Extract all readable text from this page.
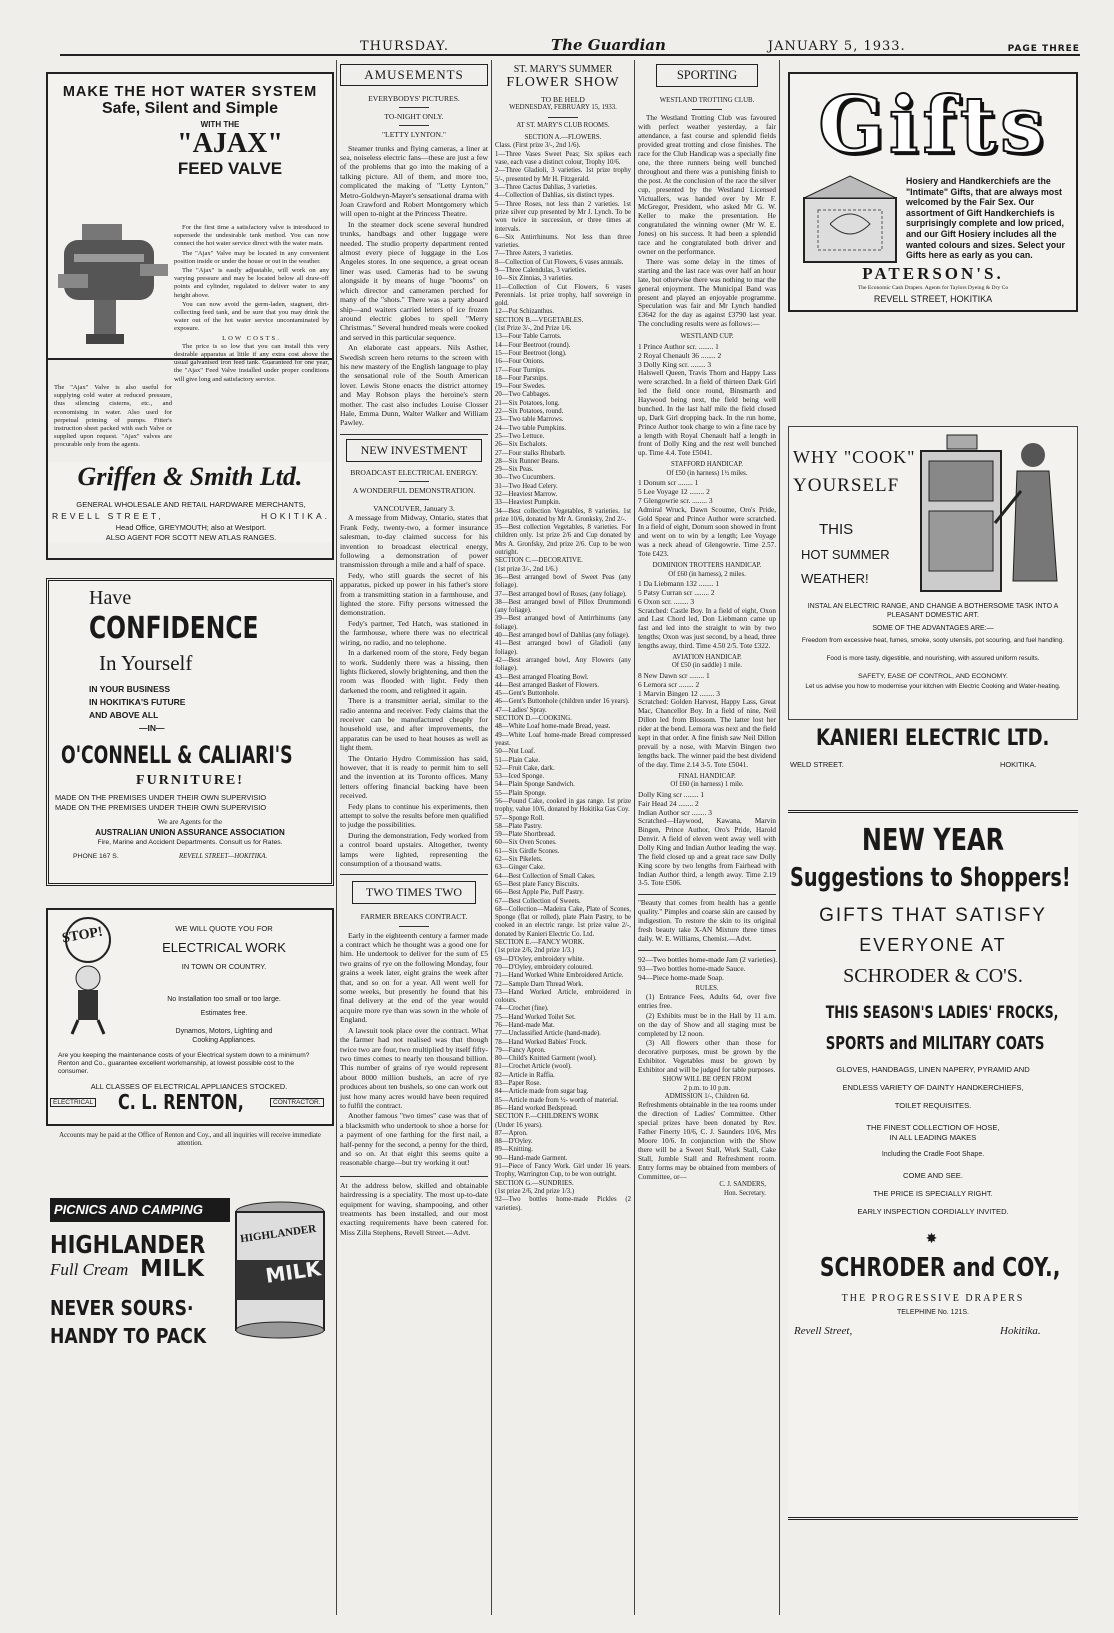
THURSDAY.	The Guardian	JANUARY 5, 1933.	PAGE THREE
MAKE THE HOT WATER SYSTEM
Safe, Silent and Simple
WITH THE
"AJAX"
FEED VALVE

For the first time a satisfactory valve is introduced to supersede the undesirable tank method. You can now connect the hot water service direct with the water main.

The "Ajax" Valve may be located in any convenient position inside or under the house or out in the weather.

The "Ajax" is easily adjustable, will work on any varying pressure and may be located below all draw-off points and cylinder, regulated to deliver water to any height above.

You can now avoid the germ-laden, stagnant, dirt-collecting feed tank, and be sure that you may drink the water out of the hot water service uncontaminated by exposure.

LOW COSTS.

The price is so low that you can install this very desirable apparatus at little if any extra cost above the usual galvanised iron feed tank. Guaranteed for one year, the "Ajax" Feed Valve installed under proper conditions will give long and satisfactory service.

The "Ajax" Valve is also useful for supplying cold water at reduced pressure, thus silencing cisterns, etc., and economising in water. Also used for perpetual priming of pumps. Fitter's instruction sheet packed with each Valve or supplied upon request. "Ajax" valves are procurable only from the agents.
Griffen & Smith Ltd.
GENERAL WHOLESALE AND RETAIL HARDWARE MERCHANTS,
REVELL STREET,	HOKITIKA.
Head Office, GREYMOUTH; also at Westport.
ALSO AGENT FOR SCOTT NEW ATLAS RANGES.
Have
CONFIDENCE
In Yourself
IN YOUR BUSINESS
IN HOKITIKA'S FUTURE
AND ABOVE ALL
—IN—
O'CONNELL & CALIARI'S
FURNITURE!
MADE ON THE PREMISES UNDER THEIR OWN SUPERVISIO
MADE ON THE PREMISES UNDER THEIR OWN SUPERVISIO
We are Agents for the
AUSTRALIAN UNION ASSURANCE ASSOCIATION
Fire, Marine and Accident Departments. Consult us for Rates.
PHONE 167 S.	REVELL STREET—HOKITIKA.
STOP!	WE WILL QUOTE YOU FOR
ELECTRICAL WORK
IN TOWN OR COUNTRY.
No Installation too small or too large.
Estimates free.
Dynamos, Motors, Lighting and
Cooking Appliances.
Are you keeping the maintenance costs of your Electrical system down to a minimum? Renton and Co., guarantee excellent workmanship, at lowest possible cost to the consumer.
ALL CLASSES OF ELECTRICAL APPLIANCES STOCKED.
ELECTRICAL C. L. RENTON,	CONTRACTOR.
Accounts may be paid at the Office of Renton and Coy., and all inquiries will receive immediate attention.
PICNICS AND CAMPING
HIGHLANDER
Full Cream MILK
NEVER SOURS·
HANDY TO PACK
HIGHLANDER
MILK
AMUSEMENTS
EVERYBODYS' PICTURES.
TO-NIGHT ONLY.
"LETTY LYNTON."

Steamer trunks and flying cameras, a liner at sea, noiseless electric fans—these are just a few of the problems that go into the making of a talking picture. All of them, and more too, complicated the making of "Letty Lynton," Metro-Goldwyn-Mayer's sensational drama with Joan Crawford and Robert Montgomery which will open to-night at the Princess Theatre.

In the steamer dock scene several hundred trunks, handbags and other luggage were needed. The studio property department rented almost every piece of luggage in the Los Angeles stores. In one sequence, a great ocean liner was used. Cameras had to be swung alongside it by means of huge "booms" on which director and cameramen perched for many of the "shots." There was a party aboard ship—and waiters carried letters of ice frozen around electric globes to spell "Merry Christmas." Several hundred meals were cooked and served in this particular sequence.

An elaborate cast appears. Nils Asther, Swedish screen hero returns to the screen with his new mastery of the English language to play the sensational role of the South American lover. Lewis Stone enacts the district attorney and May Robson plays the heroine's stern mother. The cast also includes Louise Closser Hale, Emma Dunn, Walter Walker and William Pawley.

NEW INVESTMENT
BROADCAST ELECTRICAL ENERGY.
A WONDERFUL DEMONSTRATION.
VANCOUVER, January 3.

A message from Midway, Ontario, states that Frank Fedy, twenty-two, a former insurance salesman, to-day claimed success for his invention to broadcast electrical energy, following a demonstration of power transmission through a mile and a half of space.

Fedy, who still guards the secret of his apparatus, picked up power in his father's store from a transmitting station in a farmhouse, and lighted the store. Fifty persons witnessed the demonstration.

Fedy's partner, Ted Hatch, was stationed in the farmhouse, where there was no electrical wiring, no radio, and no telephone.

In a darkened room of the store, Fedy began to work. Suddenly there was a hissing, then lights flickered, slowly brightening, and then the room was flooded with light. Fedy then darkened the room, and relighted it again.

There is a transmitter aerial, similar to the radio antenna and receiver. Fedy claims that the receiver can be manufactured cheaply for household use, and after improvements, the apparatus can be used to heat houses as well as light them.

The Ontario Hydro Commission has said, however, that it is ready to permit him to sell and the invention at its Toronto offices. Many letters offering financial backing have been received.

Fedy plans to continue his experiments, then attempt to solve the results before men qualified to judge the possibilities.

During the demonstration, Fedy worked from a control board upstairs. Altogether, twenty lamps were lighted, representing the consumption of a thousand watts.

TWO TIMES TWO
FARMER BREAKS CONTRACT.

Early in the eighteenth century a farmer made a contract which he thought was a good one for him. He undertook to deliver for the sum of £5 two grains of rye on the following Monday, four grains a week later, eight grains the week after that, and so on for a year. All went well for some weeks, but presently he found that his final delivery at the end of the year would acquire more rye than was sown in the whole of England.

A lawsuit took place over the contract. What the farmer had not realised was that though twice two are four, two multiplied by itself fifty-two times comes to nearly ten thousand billion. This number of grains of rye would represent about 8000 million bushels, an acre of rye produces about ten bushels, so one can work out just how many acres would have been required to fulfil the contract.

Another famous "two times" case was that of a blacksmith who undertook to shoe a horse for a payment of one farthing for the first nail, a half-penny for the second, a penny for the third, and so on. At that eight this seems quite a reasonable charge—but try working it out!

At the address below, skilled and obtainable hairdressing is a speciality. The most up-to-date equipment for waving, shampooing, and other treatments has been installed, and our most exacting requirements have been catered for. Miss Zilla Stephens, Revell Street.—Advt.
ST. MARY'S SUMMER
FLOWER SHOW
TO BE HELD
WEDNESDAY, FEBRUARY 15, 1933.
AT ST. MARY'S CLUB ROOMS.
SECTION A.—FLOWERS.
Class. (First prize 3/-, 2nd 1/6).
1—Three Vases Sweet Peas; Six spikes each vase, each vase a distinct colour, Trophy 10/6.
2—Three Gladioli, 3 varieties. 1st prize trophy 5/-, presented by Mr H. Fitzgerald.
3—Three Cactus Dahlias, 3 varieties.
4—Collection of Dahlias, six distinct types.
5—Three Roses, not less than 2 varieties. 1st prize silver cup presented by Mr J. Lynch. To be won twice in succession, or three times at intervals.
6—Six Antirrhinums. Not less than three varieties.
7—Three Asters, 3 varieties.
8—Collection of Cut Flowers, 6 vases annuals.
9—Three Calendulas, 3 varieties.
10—Six Zinnias, 3 varieties.
11—Collection of Cut Flowers, 6 vases Perennials. 1st prize trophy, half sovereign in gold.
12—Pot Schizanthus.
SECTION B.—VEGETABLES.
(1st Prize 3/-, 2nd Prize 1/6.
13—Four Table Carrots.
14—Four Beetroot (round).
15—Four Beetroot (long).
16—Four Onions.
17—Four Turnips.
18—Four Parsnips.
19—Four Swedes.
20—Two Cabbages.
21—Six Potatoes, long.
22—Six Potatoes, round.
23—Two table Marrows.
24—Two table Pumpkins.
25—Two Lettuce.
26—Six Eschalots.
27—Four stalks Rhubarb.
28—Six Runner Beans.
29—Six Peas.
30—Two Cucumbers.
31—Two Head Celery.
32—Heaviest Marrow.
33—Heaviest Pumpkin.
34—Best collection Vegetables, 8 varieties. 1st prize 10/6, donated by Mr A. Gronksky, 2nd 2/-.
35—Best collection Vegetables, 8 varieties. For children only. 1st prize 2/6 and Cup donated by Mrs A. Gronfsky, 2nd prize 2/6. Cup to be won outright.
SECTION C.—DECORATIVE.
(1st prize 3/-, 2nd 1/6.)
36—Best arranged bowl of Sweet Peas (any foliage).
37—Best arranged bowl of Roses, (any foliage).
38—Best arranged bowl of Pillox Drummondi (any foliage).
39—Best arranged bowl of Antirrhinums (any foliage).
40—Best arranged bowl of Dahlias (any foliage).
41—Best arranged bowl of Gladioli (any foliage).
42—Best arranged bowl, Any Flowers (any foliage).
43—Best arranged Floating Bowl.
44—Best arranged Basket of Flowers.
45—Gent's Buttonhole.
46—Gent's Buttonhole (children under 16 years).
47—Ladies' Spray.
SECTION D.—COOKING.
48—White Loaf home-made Bread, yeast.
49—White Loaf home-made Bread compressed yeast.
50—Nut Loaf.
51—Plain Cake.
52—Fruit Cake, dark.
53—Iced Sponge.
54—Plain Sponge Sandwich.
55—Plain Sponge.
56—Pound Cake, cooked in gas range. 1st prize trophy, value 10/6, donated by Hokitika Gas Coy.
57—Sponge Roll.
58—Plate Pastry.
59—Plate Shortbread.
60—Six Oven Scones.
61—Six Girdle Scones.
62—Six Pikelets.
63—Ginger Cake.
64—Best Collection of Small Cakes.
65—Best plate Fancy Biscuits.
66—Best Apple Pie, Puff Pastry.
67—Best Collection of Sweets.
68—Collection—Madeira Cake, Plate of Scones, Sponge (flat or rolled), plate Plain Pastry, to be cooked in an electric range. 1st prize value 2/-, donated by Kanieri Electric Co. Ltd.
SECTION E.—FANCY WORK.
(1st prize 2/6, 2nd prize 1/3.)
69—D'Oyley, embroidery white.
70—D'Oyley, embroidery coloured.
71—Hand Worked White Embroidered Article.
72—Sample Darn Thread Work.
73—Hand Worked Article, embroidered in colours.
74—Crochet (fine).
75—Hand Worked Toilet Set.
76—Hand-made Mat.
77—Unclassified Article (hand-made).
78—Hand Worked Babies' Frock.
79—Fancy Apron.
80—Child's Knitted Garment (wool).
81—Crochet Article (wool).
82—Article in Raffia.
83—Paper Rose.
84—Article made from sugar bag.
85—Article made from ½- worth of material.
86—Hand worked Bedspread.
SECTION F.—CHILDREN'S WORK
(Under 16 years).
87—Apron.
88—D'Oyley.
89—Knitting.
90—Hand-made Garment.
91—Piece of Fancy Work. Girl under 16 years. Trophy, Warrington Cup, to be won outright.
SECTION G.—SUNDRIES.
(1st prize 2/6, 2nd prize 1/3.)
92—Two bottles home-made Pickles (2 varieties).
SPORTING
WESTLAND TROTTING CLUB.

The Westland Trotting Club was favoured with perfect weather yesterday, a fair attendance, a fast course and splendid fields provided great trotting and close finishes. The race for the Club Handicap was a specially fine one, the three runners being well bunched throughout and there was a punishing finish to the post. At the conclusion of the race the silver cup, presented by the Westland Licensed Victuallers, was handed over by Mr F. McGregor, President, who asked Mr G. W. Keller to make the presentation. He congratulated the winning owner (Mr W. E. Jones) on his success. It had been a splendid race and he congratulated both driver and owner on the performance.

There was some delay in the times of starting and the last race was over half an hour late, but otherwise there was nothing to mar the general enjoyment. The Municipal Band was present and played an enjoyable programme. Speculation was fair and Mr Lynch handled £3642 for the day as against £3790 last year. The concluding results were as follows:—

WESTLAND CUP.
1 Prince Author scr. ........ 1
2 Royal Chenault 36 ........ 2
3 Dolly King scr. ........ 3
Halswell Queen, Travis Thorn and Happy Lass were scratched. In a field of thirteen Dark Girl led the field once round, Binsmarth and Haywood being next, the field being well bunched. In the last half mile the field closed up, Dark Girl dropping back. In the run home, Prince Author took charge to win a fine race by a length with Royal Chenault half a length in front of Dolly King and the rest well bunched up. Time 4.4. Tote £5041.
STAFFORD HANDICAP.
Of £50 (in harness) 1½ miles.
1 Donum scr ........ 1
5 Lee Voyage 12 ........ 2
7 Glengowrie scr. ........ 3
Admiral Wruck, Dawn Scoume, Oro's Pride, Gold Spear and Prince Author were scratched. In a field of eight, Donum soon showed in front and went on to win by a length; Lee Voyage was a neck ahead of Glengowrie. Time 2.57. Tote £423.
DOMINION TROTTERS HANDICAP.
Of £60 (in harness), 2 miles.
1 Da Liebmann 132 ........ 1
5 Patsy Curran scr ........ 2
6 Oxon scr. ........ 3
Scratched: Castle Boy. In a field of eight, Oxon and Last Chord led, Don Liebmann came up fast and led into the straight to win by two lengths; Oxon was just second, by a head, three lengths away, third. Time 4.50 2/5. Tote £322.
AVIATION HANDICAP.
Of £50 (in saddle) 1 mile.
8 New Dawn scr ........ 1
6 Lemora scr ........ 2
1 Marvin Bingen 12 ........ 3
Scratched: Golden Harvest, Happy Lass, Great Mac, Chancellor Boy. In a field of nine, Neil Dillon led from Blossom. The latter lost her rider at the bend. Lemora was next and the field kept in that order. A fine finish saw Neil Dillon prevail by a nose, with Marvin Bingen two lengths back. The winner paid the best dividend of the day. Time 2.14 3-5. Tote £5041.
FINAL HANDICAP.
Of £60 (in harness) 1 mile.
Dolly King scr ........ 1
Fair Head 24 ........ 2
Indian Author scr ........ 3
Scratched—Haywood, Kawana, Marvin Bingen, Prince Author, Oro's Pride, Harold Denvir. A field of eleven went away well with Dolly King and Indian Author leading the way. The field closed up and a great race saw Dolly King score by two lengths from Fairhead with Indian Author third, a length away. Time 2.19 3-5. Tote £506.
"Beauty that comes from health has a gentle quality." Pimples and coarse skin are caused by indigestion. To restore the skin to its original fresh beauty take X-AN Mixture three times daily. W. E. Williams, Chemist.—Advt.
92—Two bottles home-made Jam (2 varieties).
93—Two bottles home-made Sauce.
94—Piece home-made Soap.
RULES.

(1) Entrance Fees, Adults 6d, over five entries free.

(2) Exhibits must be in the Hall by 11 a.m. on the day of Show and all staging must be completed by 12 noon.

(3) All flowers other than those for decorative purposes, must be grown by the Exhibitor. Vegetables must be grown by Exhibitor and will be judged for table purposes.

SHOW WILL BE OPEN FROM
2 p.m. to 10 p.m.
ADMISSION 1/-, Children 6d.
Refreshments obtainable in the tea rooms under the direction of Ladies' Committee. Other special prizes have been donated by Rev. Father Finerty 10/6, C. J. Saunders 10/6, Mrs Moore 10/6. In conjunction with the Show there will be a Sweet Stall, Work Stall, Cake Stall, Jumble Stall and Refreshment room. Entry forms may be obtained from members of Committee, or—
C. J. SANDERS,
Hon. Secretary.
Gifts
Hosiery and Handkerchiefs are the "Intimate" Gifts, that are always most welcomed by the Fair Sex. Our assortment of Gift Handkerchiefs is surprisingly complete and low priced, and our Gift Hosiery includes all the wanted colours and sizes. Select your Gifts here as early as you can.
PATERSON'S.
The Economic Cash Drapers. Agents for Taylors Dyeing & Dry Co
REVELL STREET, HOKITIKA
WHY "COOK"
YOURSELF
THIS
HOT SUMMER
WEATHER!
INSTAL AN ELECTRIC RANGE, AND CHANGE A BOTHERSOME TASK INTO A PLEASANT DOMESTIC ART.
SOME OF THE ADVANTAGES ARE:—
Freedom from excessive heat, fumes, smoke, sooty utensils, pot scouring, and fuel handling.
Food is more tasty, digestible, and nourishing, with assured uniform results.
SAFETY, EASE OF CONTROL, AND ECONOMY.
Let us advise you how to modernise your kitchen with Electric Cooking and Water-heating.
KANIERI ELECTRIC LTD.
WELD STREET.	HOKITIKA.
NEW YEAR
Suggestions to Shoppers!
GIFTS THAT SATISFY
EVERYONE AT
SCHRODER & CO'S.
THIS SEASON'S LADIES' FROCKS,
SPORTS and MILITARY COATS
GLOVES, HANDBAGS, LINEN NAPERY, PYRAMID AND
ENDLESS VARIETY OF DAINTY HANDKERCHIEFS,
TOILET REQUISITES.
THE FINEST COLLECTION OF HOSE,
IN ALL LEADING MAKES
Including the Cradle Foot Shape.
COME AND SEE.
THE PRICE IS SPECIALLY RIGHT.
EARLY INSPECTION CORDIALLY INVITED.
✸
SCHRODER and COY.,
THE PROGRESSIVE DRAPERS
TELEPHINE No. 121S.
Revell Street,	Hokitika.
